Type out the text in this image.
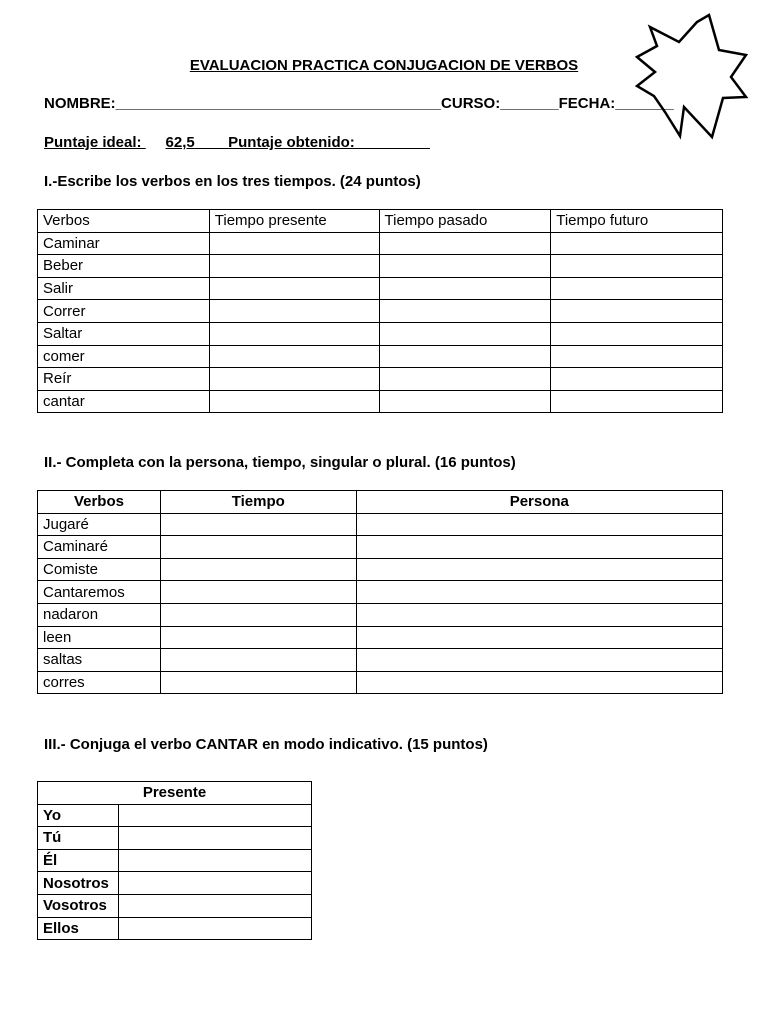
EVALUACION PRACTICA CONJUGACION DE VERBOS
NOMBRE:_______________________________________CURSO:_______FECHA:_______
Puntaje ideal: 62,5____Puntaje obtenido:_________
I.-Escribe los verbos en los tres tiempos. (24 puntos)
Verbos	Tiempo presente	Tiempo pasado	Tiempo futuro
Caminar			
Beber			
Salir			
Correr			
Saltar			
comer			
Reír			
cantar			
II.- Completa con la persona, tiempo, singular o plural. (16 puntos)
Verbos	Tiempo	Persona
Jugaré		
Caminaré		
Comiste		
Cantaremos		
nadaron		
leen		
saltas		
corres		
III.- Conjuga el verbo CANTAR en modo indicativo. (15 puntos)
Presente	
Yo	
Tú	
Él	
Nosotros	
Vosotros	
Ellos	
